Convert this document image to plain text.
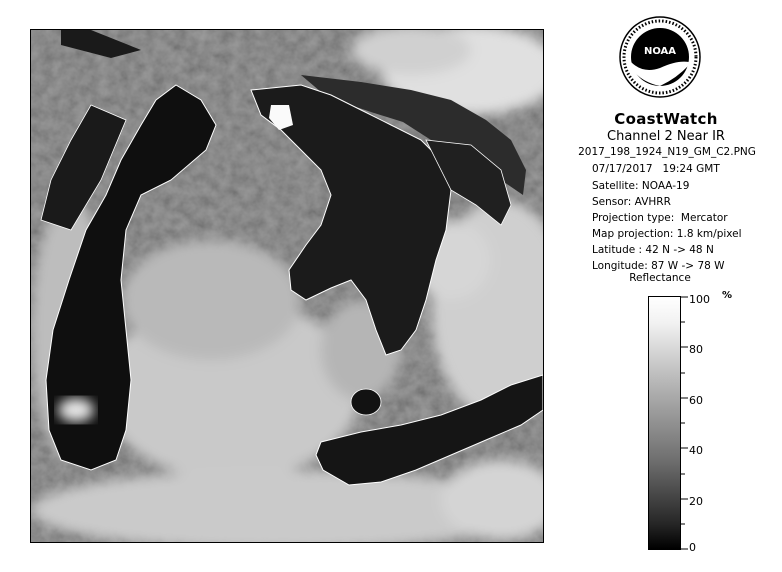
NOAA
CoastWatch
Channel 2 Near IR
2017_198_1924_N19_GM_C2.PNG
07/17/2017   19:24 GMT
Satellite: NOAA-19
Sensor: AVHRR
Projection type:  Mercator
Map projection: 1.8 km/pixel
Latitude : 42 N -> 48 N
Longitude: 87 W -> 78 W
Reflectance
%
100
80
60
40
20
0
